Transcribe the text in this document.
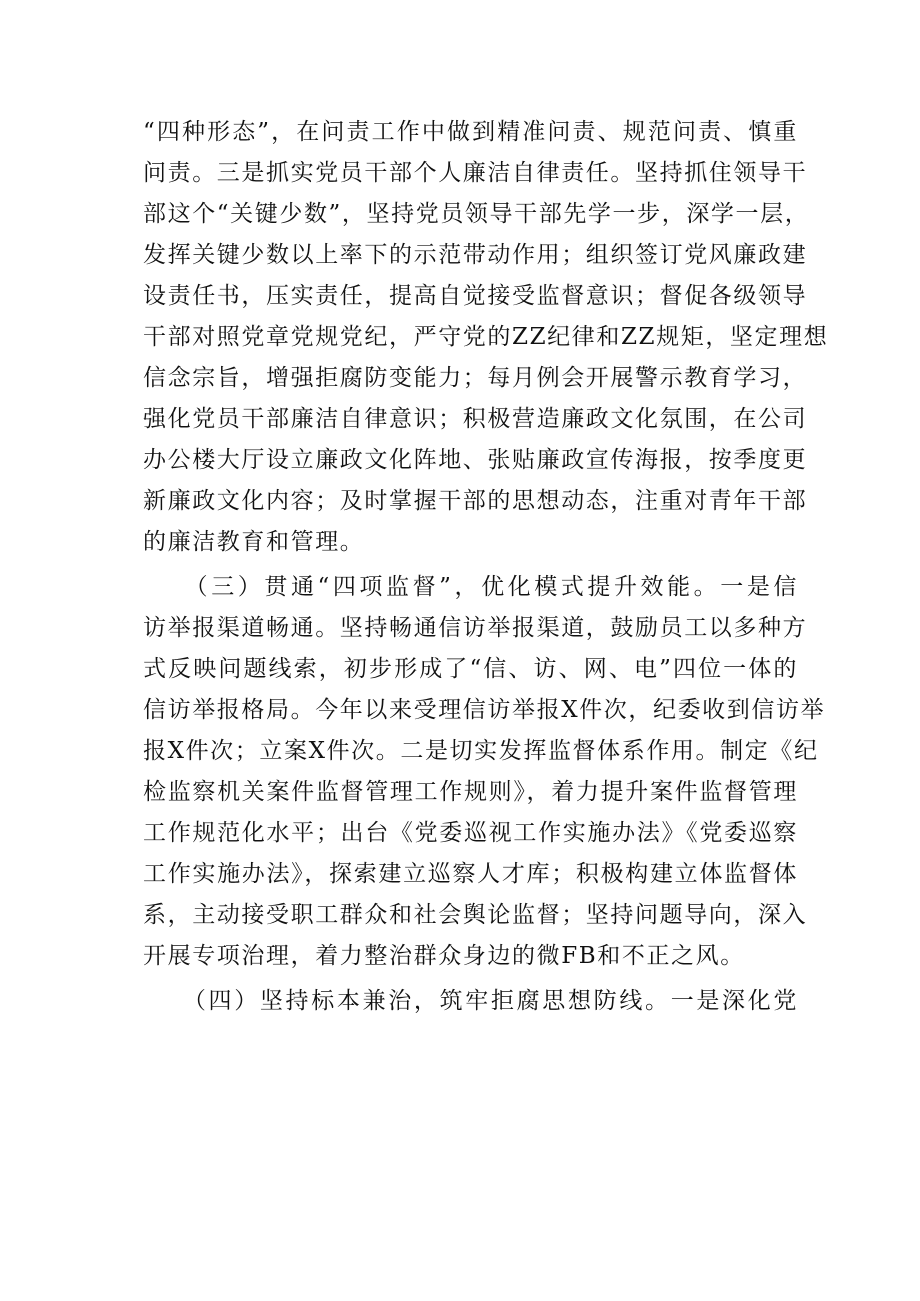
“四种形态”，在问责工作中做到精准问责、规范问责、慎重
问责。三是抓实党员干部个人廉洁自律责任。坚持抓住领导干
部这个“关键少数”，坚持党员领导干部先学一步，深学一层，
发挥关键少数以上率下的示范带动作用；组织签订党风廉政建
设责任书，压实责任，提高自觉接受监督意识；督促各级领导
干部对照党章党规党纪，严守党的ZZ纪律和ZZ规矩，坚定理想
信念宗旨，增强拒腐防变能力；每月例会开展警示教育学习，
强化党员干部廉洁自律意识；积极营造廉政文化氛围，在公司
办公楼大厅设立廉政文化阵地、张贴廉政宣传海报，按季度更
新廉政文化内容；及时掌握干部的思想动态，注重对青年干部
的廉洁教育和管理。
　　（三）贯通“四项监督”，优化模式提升效能。一是信
访举报渠道畅通。坚持畅通信访举报渠道，鼓励员工以多种方
式反映问题线索，初步形成了“信、访、网、电”四位一体的
信访举报格局。今年以来受理信访举报X件次，纪委收到信访举
报X件次；立案X件次。二是切实发挥监督体系作用。制定《纪
检监察机关案件监督管理工作规则》，着力提升案件监督管理
工作规范化水平；出台《党委巡视工作实施办法》《党委巡察
工作实施办法》，探索建立巡察人才库；积极构建立体监督体
系，主动接受职工群众和社会舆论监督；坚持问题导向，深入
开展专项治理，着力整治群众身边的微FB和不正之风。
　　（四）坚持标本兼治，筑牢拒腐思想防线。一是深化党
